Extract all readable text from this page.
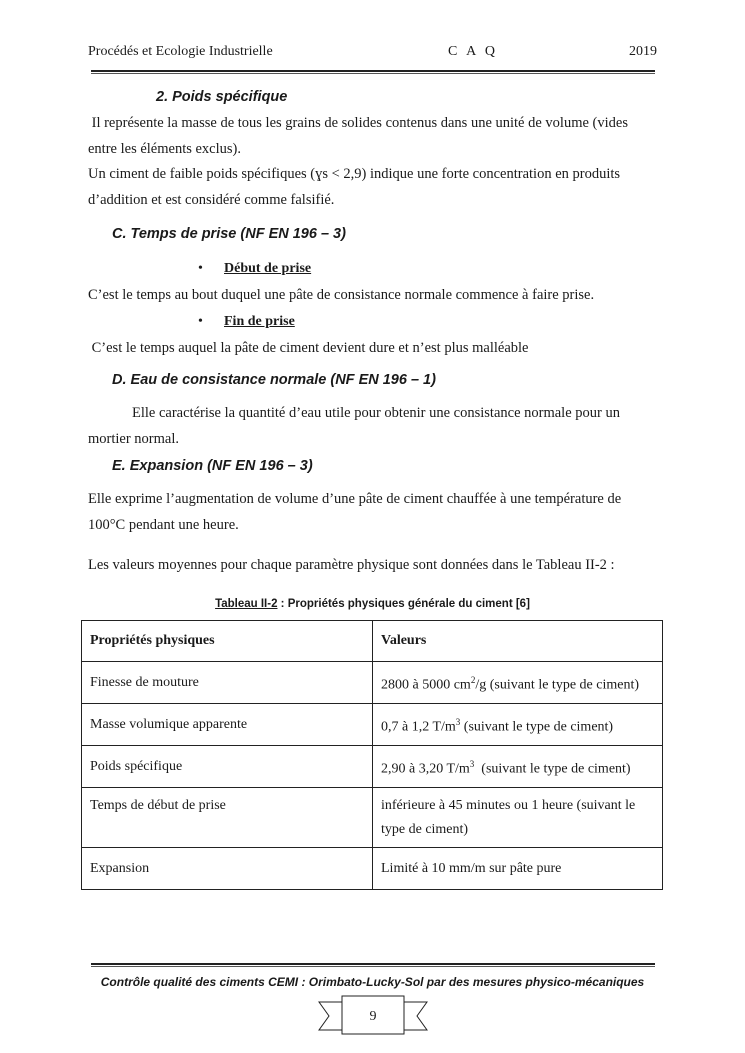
Procédés et Ecologie Industrielle	C A Q	2019
2. Poids spécifique
Il représente la masse de tous les grains de solides contenus dans une unité de volume (vides
entre les éléments exclus).
Un ciment de faible poids spécifiques (ɣs ˂ 2,9) indique une forte concentration en produits
d’addition et est considéré comme falsifié.
C. Temps de prise (NF EN 196 – 3)
• Début de prise
C’est le temps au bout duquel une pâte de consistance normale commence à faire prise.
• Fin de prise
C’est le temps auquel la pâte de ciment devient dure et n’est plus malléable
D. Eau de consistance normale (NF EN 196 – 1)
Elle caractérise la quantité d’eau utile pour obtenir une consistance normale pour un
mortier normal.
E. Expansion (NF EN 196 – 3)
Elle exprime l’augmentation de volume d’une pâte de ciment chauffée à une température de
100°C pendant une heure.
Les valeurs moyennes pour chaque paramètre physique sont données dans le Tableau II-2 :
Tableau II-2 : Propriétés physiques générale du ciment [6]
Propriétés physiques	Valeurs
Finesse de mouture	2800 à 5000 $cm^2/g$ (suivant le type de ciment)
Masse volumique apparente	0,7 à 1,2 $T/m^3$ (suivant le type de ciment)
Poids spécifique	2,90 à 3,20 $T/m^3$  (suivant le type de ciment)
Temps de début de prise	inférieure à 45 minutes ou 1 heure (suivant le
type de ciment)

Expansion	Limité à 10 mm/m sur pâte pure
Contrôle qualité des ciments CEMI : Orimbato-Lucky-Sol par des mesures physico-mécaniques
9
